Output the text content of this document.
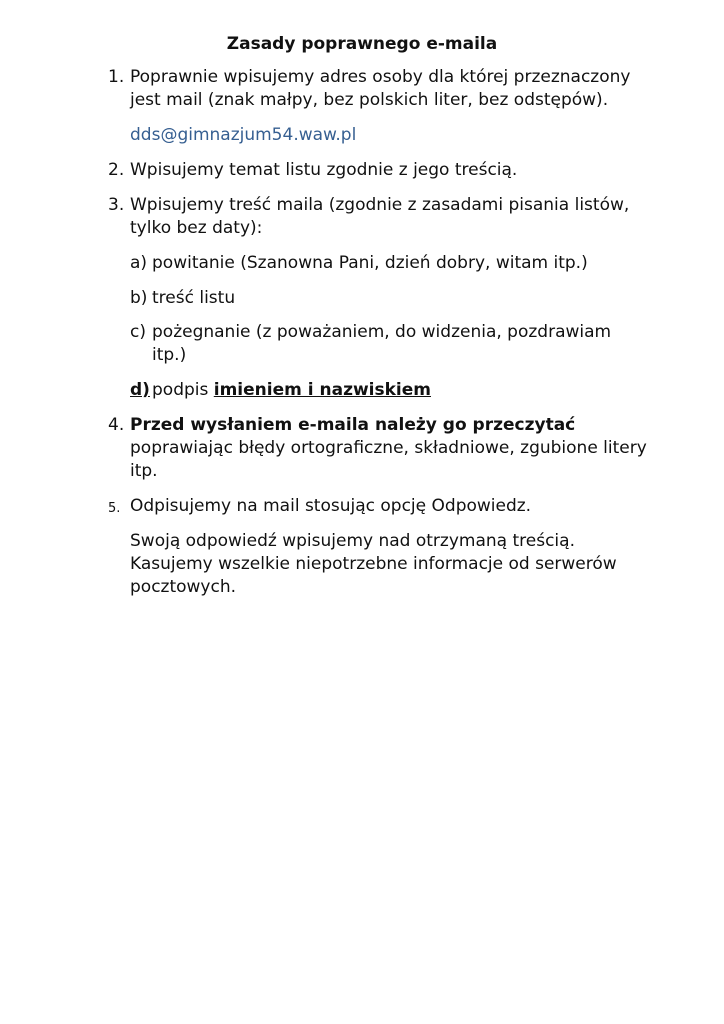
Zasady poprawnego e-maila
1. Poprawnie wpisujemy adres osoby dla której przeznaczony jest mail (znak małpy, bez polskich liter, bez odstępów).
dds@gimnazjum54.waw.pl
2. Wpisujemy temat listu zgodnie z jego treścią.
3. Wpisujemy treść maila (zgodnie z zasadami pisania listów, tylko bez daty):
a) powitanie (Szanowna Pani, dzień dobry, witam itp.)
b) treść listu
c) pożegnanie (z poważaniem, do widzenia, pozdrawiam itp.)
d) podpis imieniem i nazwiskiem
4. Przed wysłaniem e-maila należy go przeczytać poprawiając błędy ortograficzne, składniowe, zgubione litery itp.
5. Odpisujemy na mail stosując opcję Odpowiedz.
Swoją odpowiedź wpisujemy nad otrzymaną treścią. Kasujemy wszelkie niepotrzebne informacje od serwerów pocztowych.
